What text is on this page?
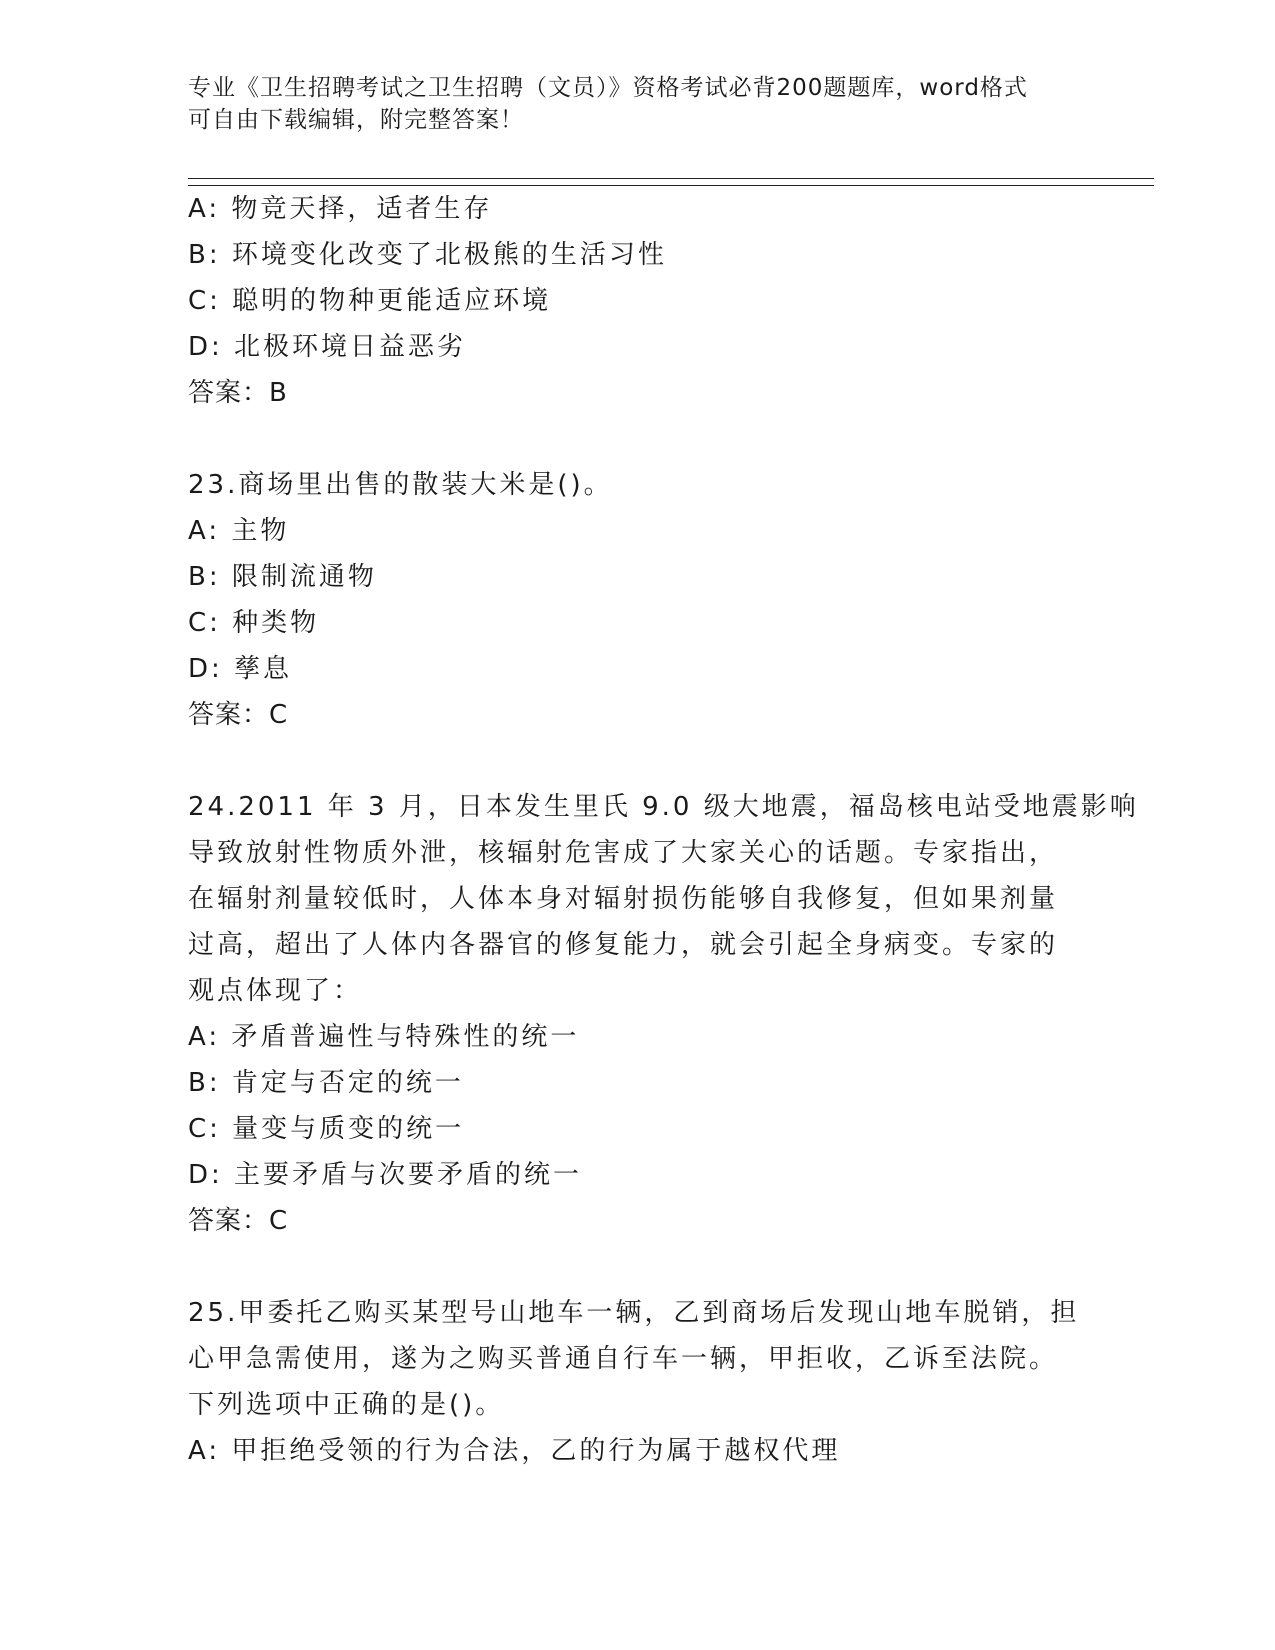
专业《卫生招聘考试之卫生招聘（文员）》资格考试必背200题题库，word格式
可自由下载编辑，附完整答案！
A: 物竞天择，适者生存
B: 环境变化改变了北极熊的生活习性
C: 聪明的物种更能适应环境
D: 北极环境日益恶劣
答案：B
23.商场里出售的散装大米是()。
A: 主物
B: 限制流通物
C: 种类物
D: 孳息
答案：C
24.2011 年 3 月，日本发生里氏 9.0 级大地震，福岛核电站受地震影响
导致放射性物质外泄，核辐射危害成了大家关心的话题。专家指出，
在辐射剂量较低时，人体本身对辐射损伤能够自我修复，但如果剂量
过高，超出了人体内各器官的修复能力，就会引起全身病变。专家的
观点体现了：
A: 矛盾普遍性与特殊性的统一
B: 肯定与否定的统一
C: 量变与质变的统一
D: 主要矛盾与次要矛盾的统一
答案：C
25.甲委托乙购买某型号山地车一辆，乙到商场后发现山地车脱销，担
心甲急需使用，遂为之购买普通自行车一辆，甲拒收，乙诉至法院。
下列选项中正确的是()。
A: 甲拒绝受领的行为合法，乙的行为属于越权代理
